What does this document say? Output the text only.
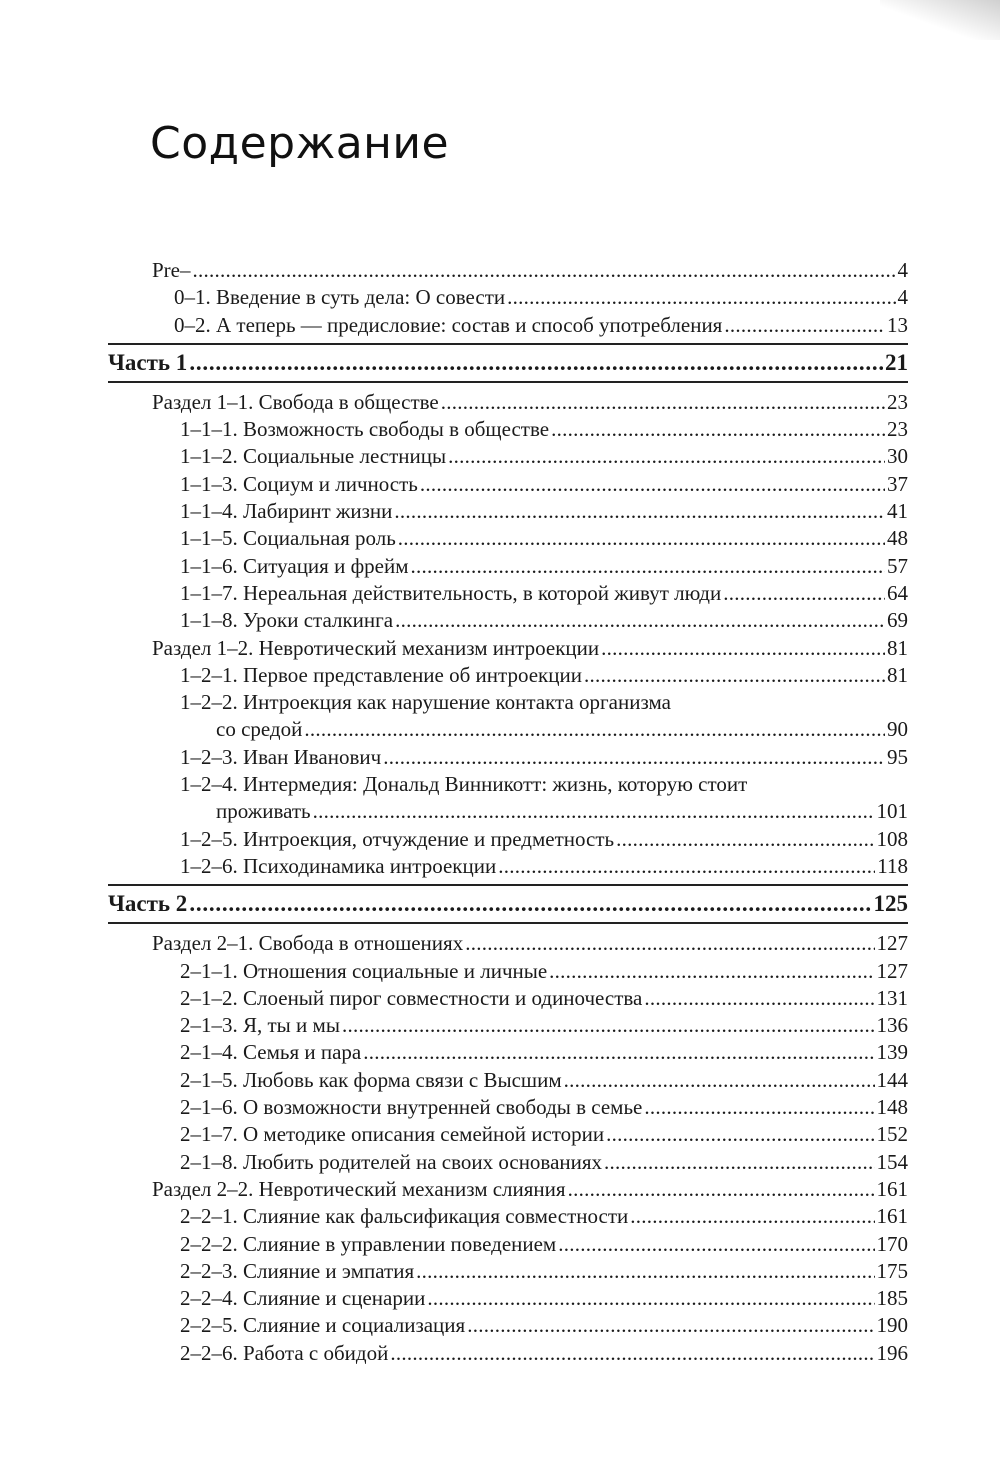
Содержание
Pre– . . .	4
0–1. Введение в суть дела: О совести . . .	4
0–2. А теперь — предисловие: состав и способ употребления . . .	13
Часть 1 . . .	21
Раздел 1–1. Свобода в обществе . . .	23
1–1–1. Возможность свободы в обществе . . .	23
1–1–2. Социальные лестницы . . .	30
1–1–3. Социум и личность . . .	37
1–1–4. Лабиринт жизни . . .	41
1–1–5. Социальная роль . . .	48
1–1–6. Ситуация и фрейм . . .	57
1–1–7. Нереальная действительность, в которой живут люди . . .	64
1–1–8. Уроки сталкинга . . .	69
Раздел 1–2. Невротический механизм интроекции . . .	81
1–2–1. Первое представление об интроекции . . .	81
1–2–2. Интроекция как нарушение контакта организма
со средой . . .	90
1–2–3. Иван Иванович . . .	95
1–2–4. Интермедия: Дональд Винникотт: жизнь, которую стоит
проживать . . .	101
1–2–5. Интроекция, отчуждение и предметность . . .	108
1–2–6. Психодинамика интроекции . . .	118
Часть 2 . . .	125
Раздел 2–1. Свобода в отношениях . . .	127
2–1–1. Отношения социальные и личные . . .	127
2–1–2. Слоеный пирог совместности и одиночества . . .	131
2–1–3. Я, ты и мы . . .	136
2–1–4. Семья и пара . . .	139
2–1–5. Любовь как форма связи с Высшим . . .	144
2–1–6. О возможности внутренней свободы в семье . . .	148
2–1–7. О методике описания семейной истории . . .	152
2–1–8. Любить родителей на своих основаниях . . .	154
Раздел 2–2. Невротический механизм слияния . . .	161
2–2–1. Слияние как фальсификация совместности . . .	161
2–2–2. Слияние в управлении поведением . . .	170
2–2–3. Слияние и эмпатия . . .	175
2–2–4. Слияние и сценарии . . .	185
2–2–5. Слияние и социализация . . .	190
2–2–6. Работа с обидой . . .	196
